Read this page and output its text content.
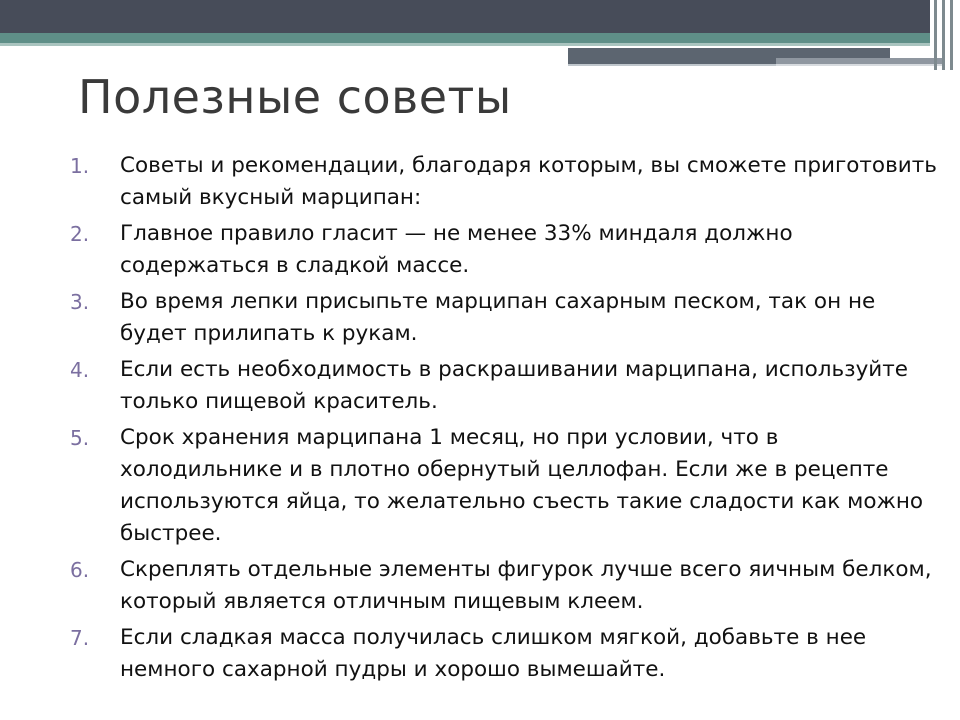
Полезные советы
1. Советы и рекомендации, благодаря которым, вы сможете приготовить самый вкусный марципан:
2. Главное правило гласит — не менее 33% миндаля должно содержаться в сладкой массе.
3. Во время лепки присыпьте марципан сахарным песком, так он не будет прилипать к рукам.
4. Если есть необходимость в раскрашивании марципана, используйте только пищевой краситель.
5. Срок хранения марципана 1 месяц, но при условии, что в холодильнике и в плотно обернутый целлофан. Если же в рецепте используются яйца, то желательно съесть такие сладости как можно быстрее.
6. Скреплять отдельные элементы фигурок лучше всего яичным белком, который является отличным пищевым клеем.
7. Если сладкая масса получилась слишком мягкой, добавьте в нее немного сахарной пудры и хорошо вымешайте.
